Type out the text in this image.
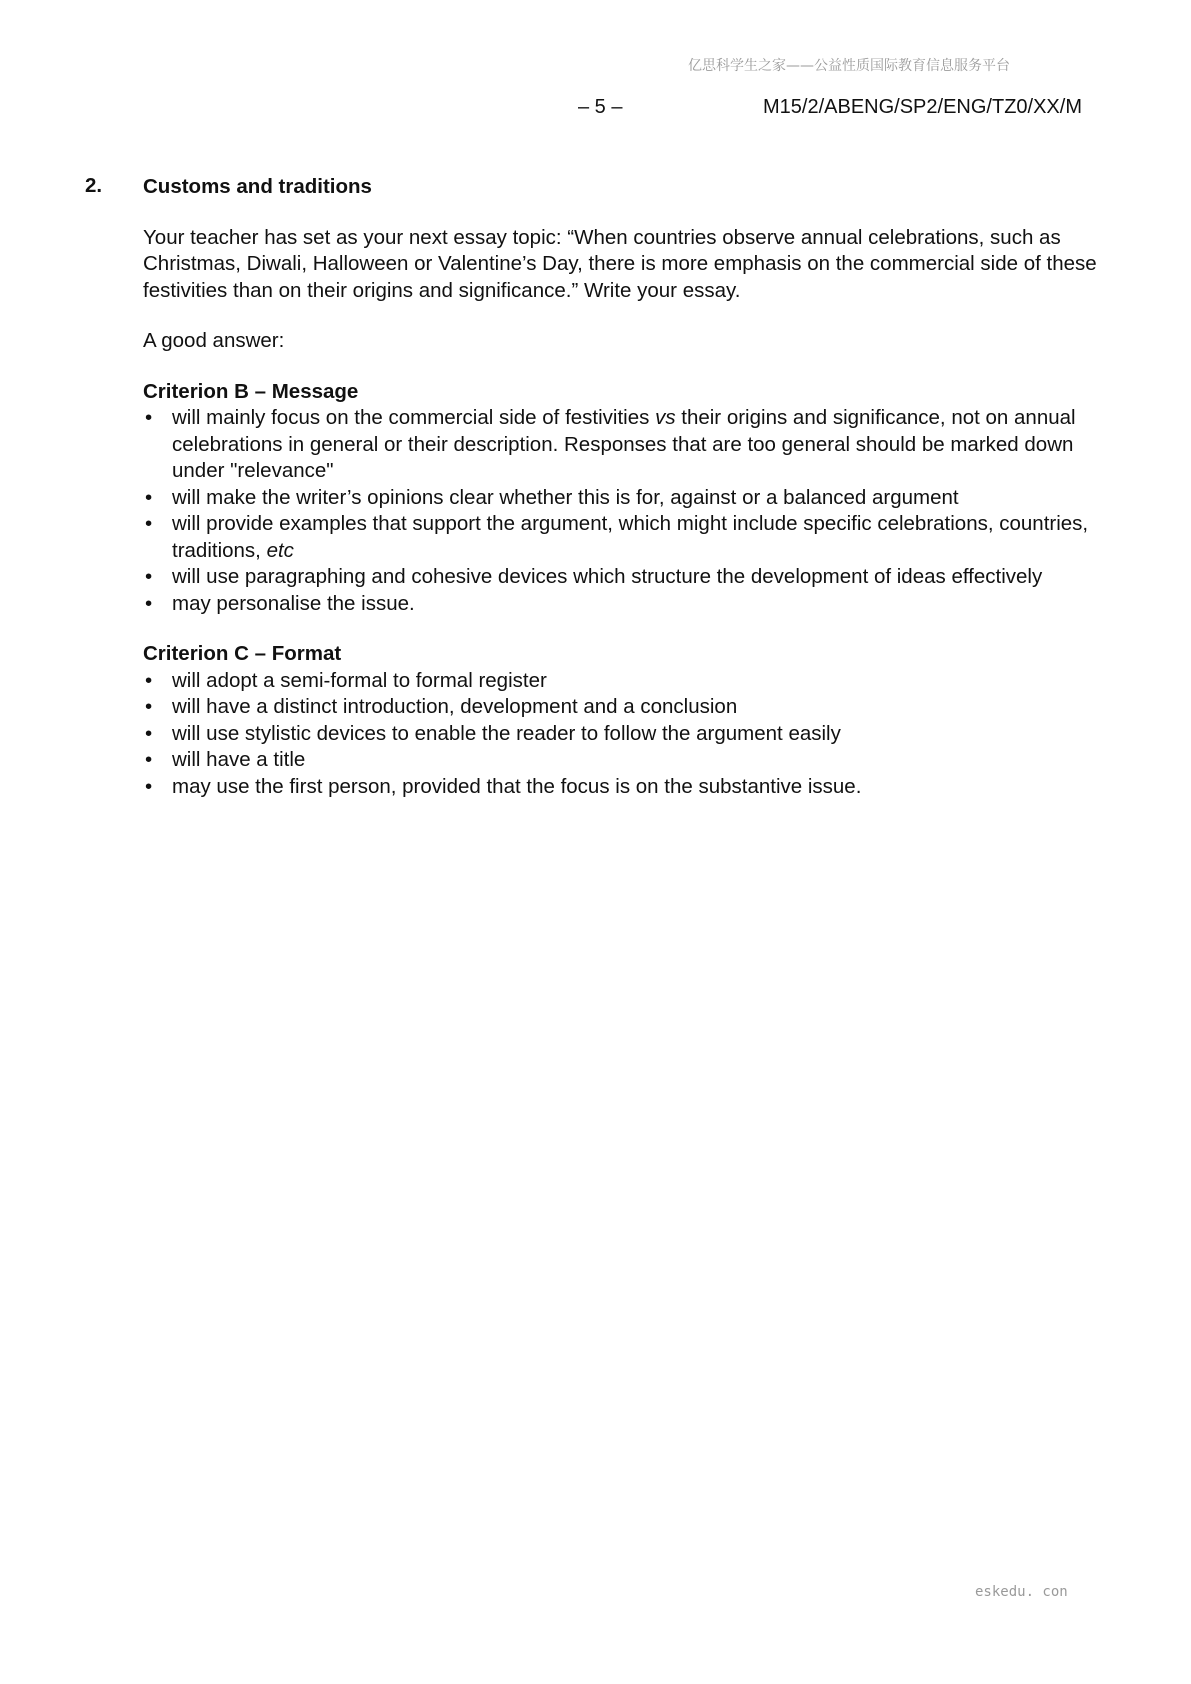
亿思科学生之家——公益性质国际教育信息服务平台
– 5 –	M15/2/ABENG/SP2/ENG/TZ0/XX/M
2. Customs and traditions

Your teacher has set as your next essay topic: “When countries observe annual celebrations, such as Christmas, Diwali, Halloween or Valentine’s Day, there is more emphasis on the commercial side of these festivities than on their origins and significance.” Write your essay.

A good answer:

Criterion B – Message

• will mainly focus on the commercial side of festivities vs their origins and significance, not on annual celebrations in general or their description. Responses that are too general should be marked down under "relevance"
• will make the writer’s opinions clear whether this is for, against or a balanced argument
• will provide examples that support the argument, which might include specific celebrations, countries, traditions, etc
• will use paragraphing and cohesive devices which structure the development of ideas effectively
• may personalise the issue.

Criterion C – Format

• will adopt a semi-formal to formal register
• will have a distinct introduction, development and a conclusion
• will use stylistic devices to enable the reader to follow the argument easily
• will have a title
• may use the first person, provided that the focus is on the substantive issue.
eskedu. con
